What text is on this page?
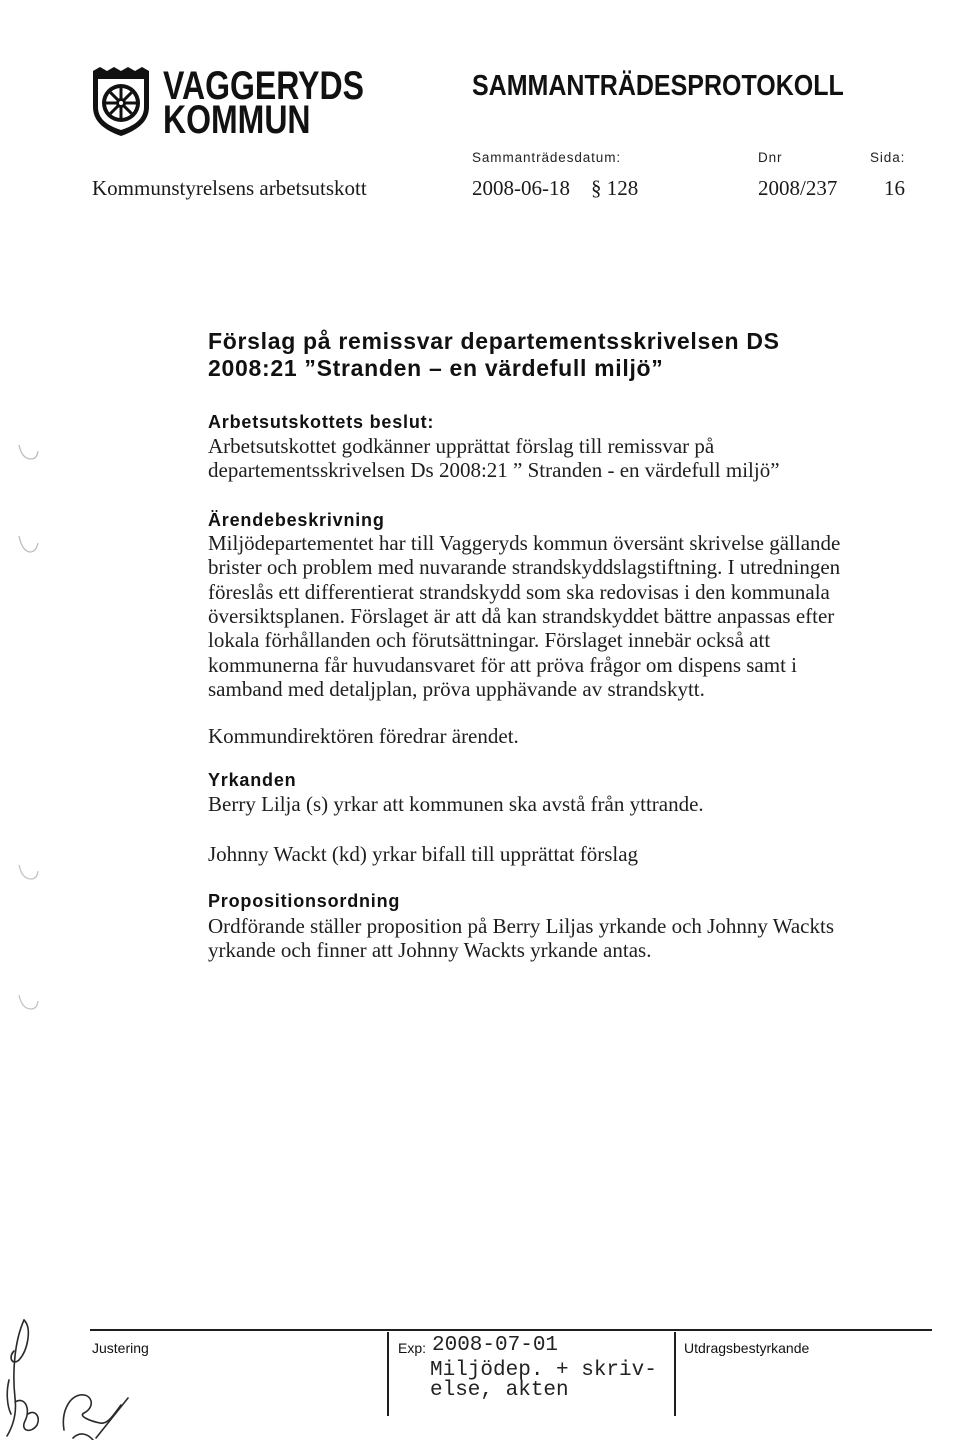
VAGGERYDS
KOMMUN
SAMMANTRÄDESPROTOKOLL
Sammanträdesdatum:	Dnr	Sida:
Kommunstyrelsens arbetsutskott	2008-06-18 § 128	2008/237 16
Förslag på remissvar departementsskrivelsen DS
2008:21 ”Stranden – en värdefull miljö”
Arbetsutskottets beslut:
Arbetsutskottet godkänner upprättat förslag till remissvar på
departementsskrivelsen Ds 2008:21 ” Stranden - en värdefull miljö”
Ärendebeskrivning
Miljödepartementet har till Vaggeryds kommun översänt skrivelse gällande
brister och problem med nuvarande strandskyddslagstiftning. I utredningen
föreslås ett differentierat strandskydd som ska redovisas i den kommunala
översiktsplanen. Förslaget är att då kan strandskyddet bättre anpassas efter
lokala förhållanden och förutsättningar. Förslaget innebär också att
kommunerna får huvudansvaret för att pröva frågor om dispens samt i
samband med detaljplan, pröva upphävande av strandskytt.
Kommundirektören föredrar ärendet.
Yrkanden
Berry Lilja (s) yrkar att kommunen ska avstå från yttrande.
Johnny Wackt (kd) yrkar bifall till upprättat förslag
Propositionsordning
Ordförande ställer proposition på Berry Liljas yrkande och Johnny Wackts
yrkande och finner att Johnny Wackts yrkande antas.
Justering	Exp: 2008-07-01
Miljödep. + skriv-
else, akten
Utdragsbestyrkande
